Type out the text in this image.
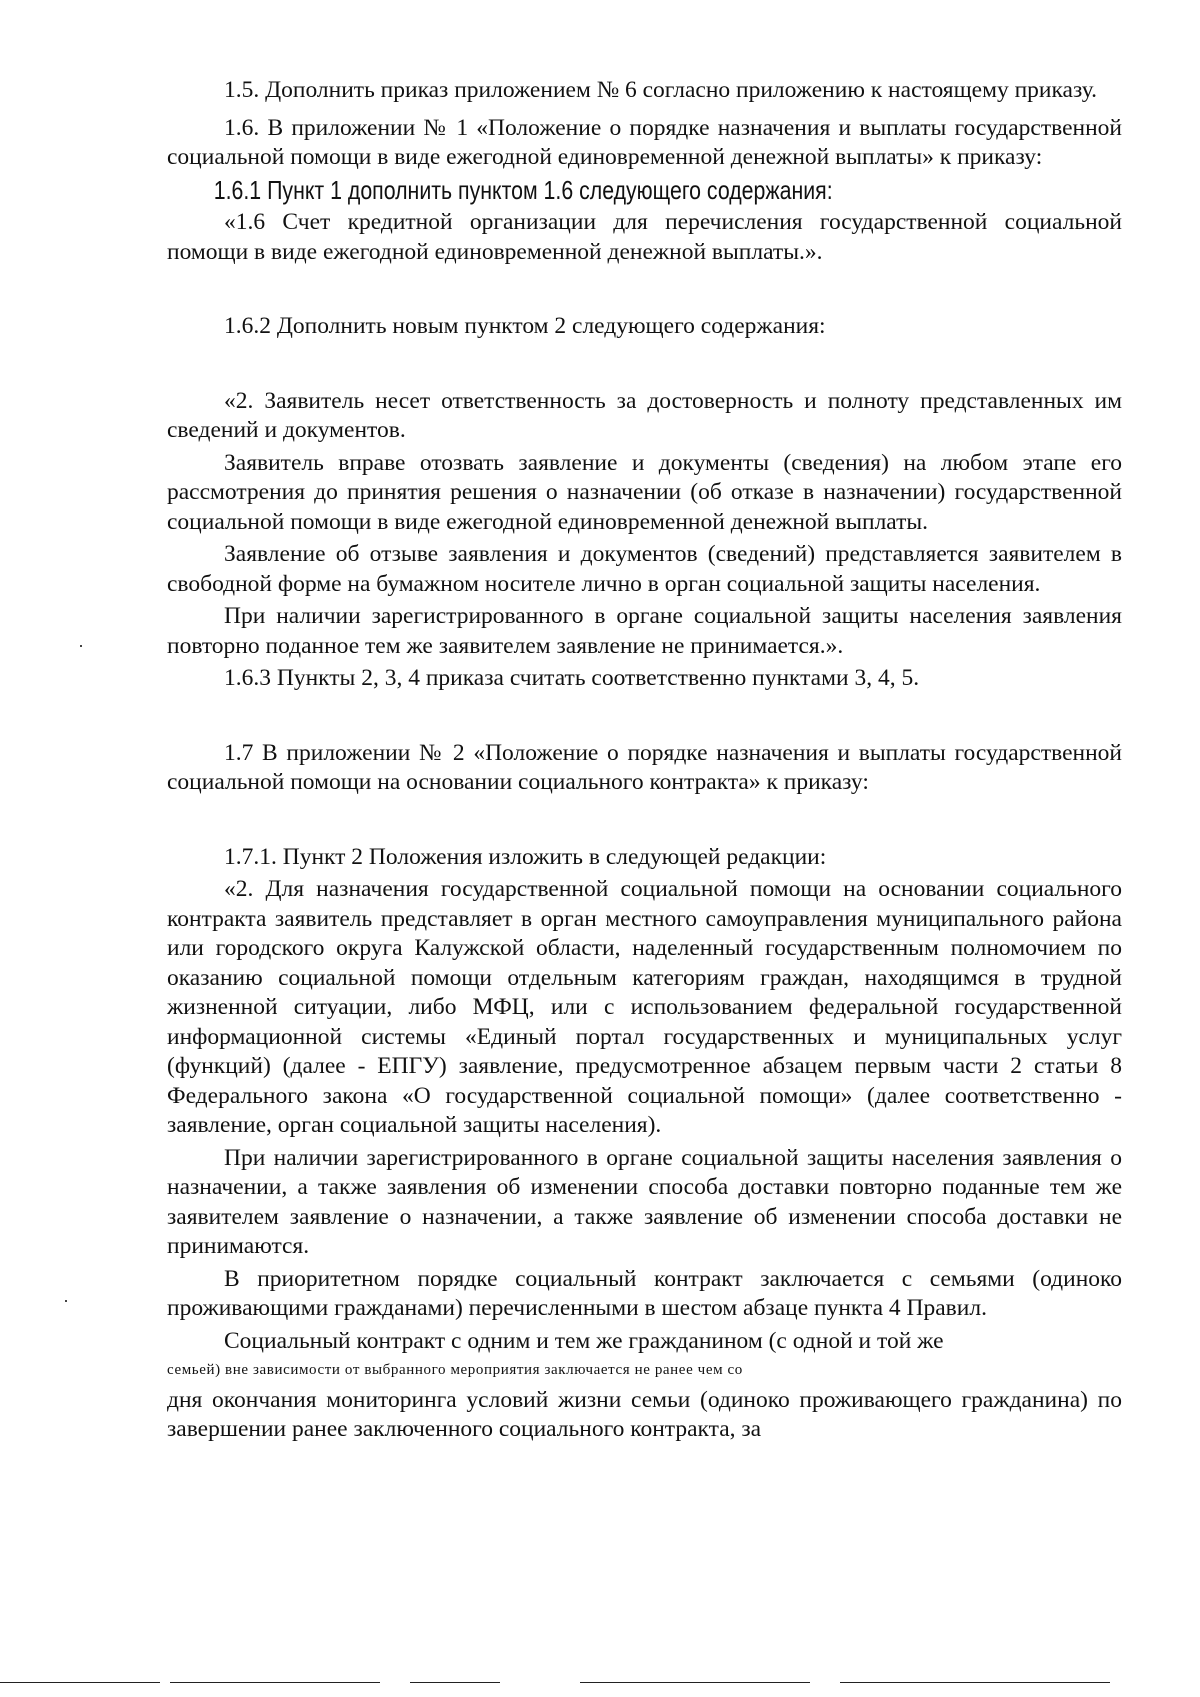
1.5. Дополнить приказ приложением № 6 согласно приложению к настоящему приказу.

1.6. В приложении № 1 «Положение о порядке назначения и выплаты государственной социальной помощи в виде ежегодной единовременной денежной выплаты» к приказу:

1.6.1 Пункт 1 дополнить пунктом 1.6 следующего содержания:

«1.6 Счет кредитной организации для перечисления государственной социальной помощи в виде ежегодной единовременной денежной выплаты.».

1.6.2 Дополнить новым пунктом 2 следующего содержания:

«2. Заявитель несет ответственность за достоверность и полноту представленных им сведений и документов.

Заявитель вправе отозвать заявление и документы (сведения) на любом этапе его рассмотрения до принятия решения о назначении (об отказе в назначении) государственной социальной помощи в виде ежегодной единовременной денежной выплаты.

Заявление об отзыве заявления и документов (сведений) представляется заявителем в свободной форме на бумажном носителе лично в орган социальной защиты населения.

При наличии зарегистрированного в органе социальной защиты населения заявления повторно поданное тем же заявителем заявление не принимается.».

1.6.3 Пункты 2, 3, 4 приказа считать соответственно пунктами 3, 4, 5.

1.7 В приложении № 2 «Положение о порядке назначения и выплаты государственной социальной помощи на основании социального контракта» к приказу:

1.7.1. Пункт 2 Положения изложить в следующей редакции:

«2. Для назначения государственной социальной помощи на основании социального контракта заявитель представляет в орган местного самоуправления муниципального района или городского округа Калужской области, наделенный государственным полномочием по оказанию социальной помощи отдельным категориям граждан, находящимся в трудной жизненной ситуации, либо МФЦ, или с использованием федеральной государственной информационной системы «Единый портал государственных и муниципальных услуг (функций) (далее - ЕПГУ) заявление, предусмотренное абзацем первым части 2 статьи 8 Федерального закона «О государственной социальной помощи» (далее соответственно - заявление, орган социальной защиты населения).

При наличии зарегистрированного в органе социальной защиты населения заявления о назначении, а также заявления об изменении способа доставки повторно поданные тем же заявителем заявление о назначении, а также заявление об изменении способа доставки не принимаются.

В приоритетном порядке социальный контракт заключается с семьями (одиноко проживающими гражданами) перечисленными в шестом абзаце пункта 4 Правил.

Социальный контракт с одним и тем же гражданином (с одной и той же

семьей) вне зависимости от выбранного мероприятия заключается не ранее чем со

дня окончания мониторинга условий жизни семьи (одиноко проживающего гражданина) по завершении ранее заключенного социального контракта, за
